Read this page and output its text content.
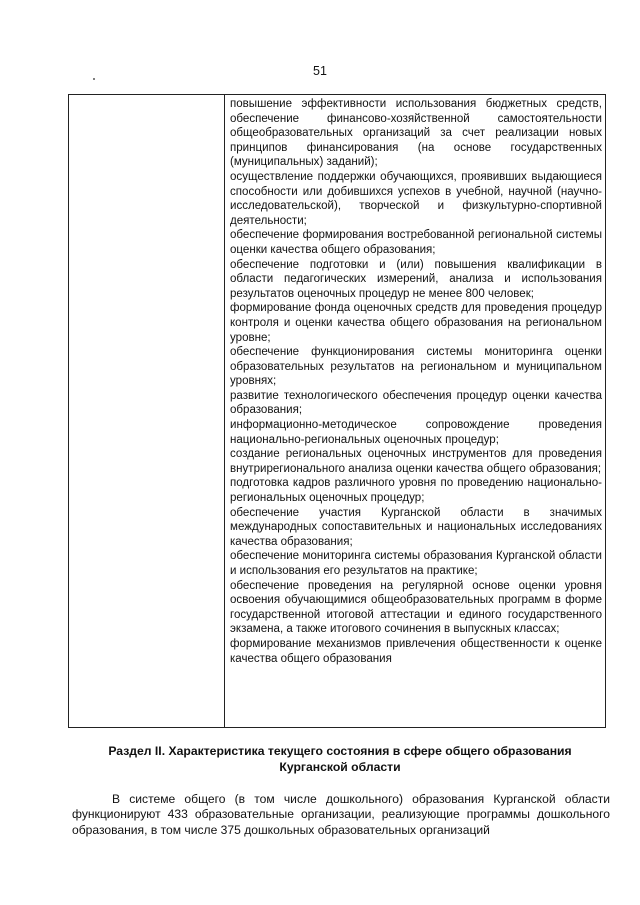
51

повышение эффективности использования бюджетных средств, обеспечение финансово-хозяйственной самостоятельности общеобразовательных организаций за счет реализации новых принципов финансирования (на основе государственных (муниципальных) заданий);

осуществление поддержки обучающихся, проявивших выдающиеся способности или добившихся успехов в учебной, научной (научно-исследовательской), творческой и физкультурно-спортивной деятельности;

обеспечение формирования востребованной региональной системы оценки качества общего образования;

обеспечение подготовки и (или) повышения квалификации в области педагогических измерений, анализа и использования результатов оценочных процедур не менее 800 человек;

формирование фонда оценочных средств для проведения процедур контроля и оценки качества общего образования на региональном уровне;

обеспечение функционирования системы мониторинга оценки образовательных результатов на региональном и муниципальном уровнях;

развитие технологического обеспечения процедур оценки качества образования;

информационно-методическое сопровождение проведения национально-региональных оценочных процедур;

создание региональных оценочных инструментов для проведения внутрирегионального анализа оценки качества общего образования;

подготовка кадров различного уровня по проведению национально-региональных оценочных процедур;

обеспечение участия Курганской области в значимых международных сопоставительных и национальных исследованиях качества образования;

обеспечение мониторинга системы образования Курганской области и использования его результатов на практике;

обеспечение проведения на регулярной основе оценки уровня освоения обучающимися общеобразовательных программ в форме государственной итоговой аттестации и единого государственного экзамена, а также итогового сочинения в выпускных классах;

формирование механизмов привлечения общественности к оценке качества общего образования

Раздел II. Характеристика текущего состояния в сфере общего образования
Курганской области
В системе общего (в том числе дошкольного) образования Курганской области функционируют 433 образовательные организации, реализующие программы дошкольного образования, в том числе 375 дошкольных образовательных организаций
